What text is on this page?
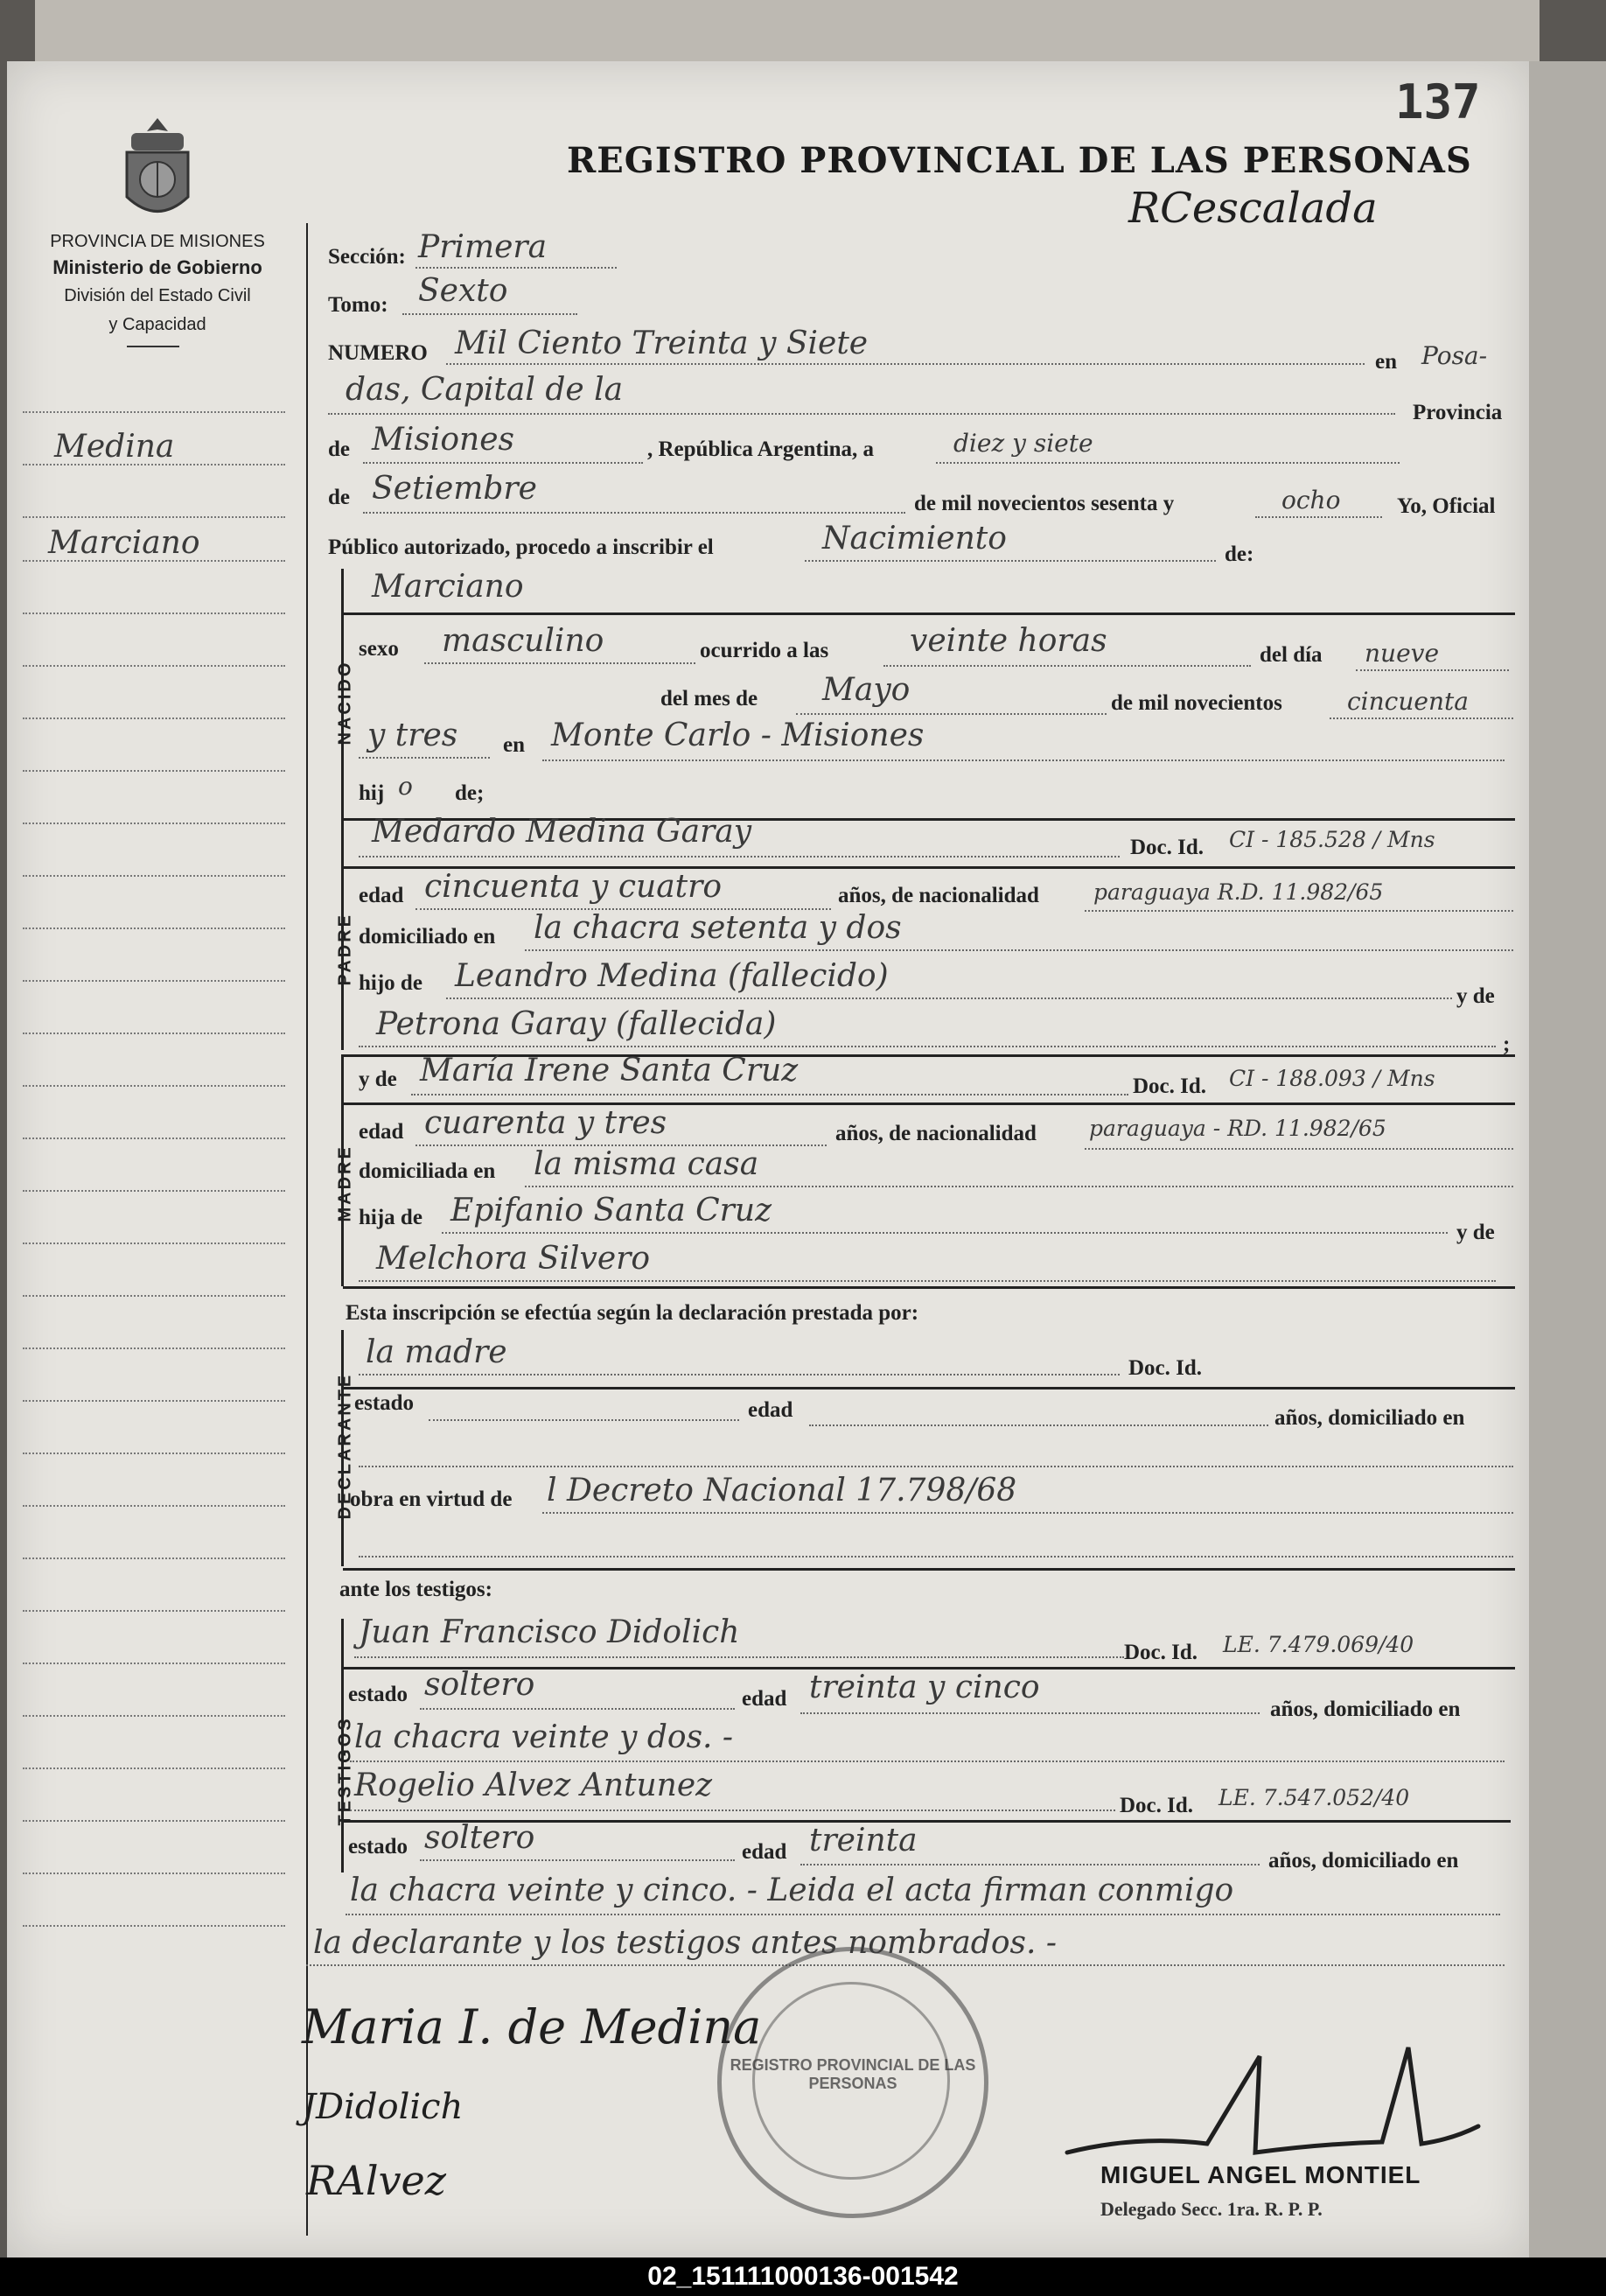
137
REGISTRO PROVINCIAL DE LAS PERSONAS
RCescalada
PROVINCIA DE MISIONES
Ministerio de Gobierno
División del Estado Civil
y Capacidad
Medina
Marciano
Sección: Primera
Tomo: Sexto
NUMERO Mil Ciento Treinta y Siete
en Posa-
das, Capital de la
Provincia
de Misiones	, República Argentina, a	diez y siete
de Setiembre	de mil novecientos sesenta y	ocho	Yo, Oficial
Público autorizado, procedo a inscribir el	Nacimiento	de:
NACIDO
Marciano
sexo masculino	ocurrido a las	veinte horas	del día nueve
del mes de Mayo	de mil novecientos	cincuenta
y tres en Monte Carlo - Misiones
hij o de;
PADRE
Medardo Medina Garay	Doc. Id. CI - 185.528 / Mns
edad cincuenta y cuatro	años, de nacionalidad paraguaya R.D. 11.982/65
domiciliado en la chacra setenta y dos
hijo de Leandro Medina (fallecido)
y de
Petrona Garay (fallecida)
;
MADRE
y de María Irene Santa Cruz	Doc. Id. CI - 188.093 / Mns
edad cuarenta y tres	años, de nacionalidad paraguaya - RD. 11.982/65
domiciliada en la misma casa
hija de Epifanio Santa Cruz
y de
Melchora Silvero
Esta inscripción se efectúa según la declaración prestada por:
DECLARANTE
la madre	Doc. Id.
estado	edad	años, domiciliado en
obra en virtud de l Decreto Nacional 17.798/68
ante los testigos:
TESTIGOS
Juan Francisco Didolich
Doc. Id. LE. 7.479.069/40
estado soltero	edad treinta y cinco
años, domiciliado en
la chacra veinte y dos. -
Rogelio Alvez Antunez
Doc. Id. LE. 7.547.052/40
estado soltero	edad treinta
años, domiciliado en
la chacra veinte y cinco. - Leida el acta firman conmigo
la declarante y los testigos antes nombrados. -
REGISTRO PROVINCIAL DE LAS PERSONAS
Maria I. de Medina
JDidolich
RAlvez	MIGUEL ANGEL MONTIEL
Delegado Secc. 1ra. R. P. P.
02_151111000136-001542
